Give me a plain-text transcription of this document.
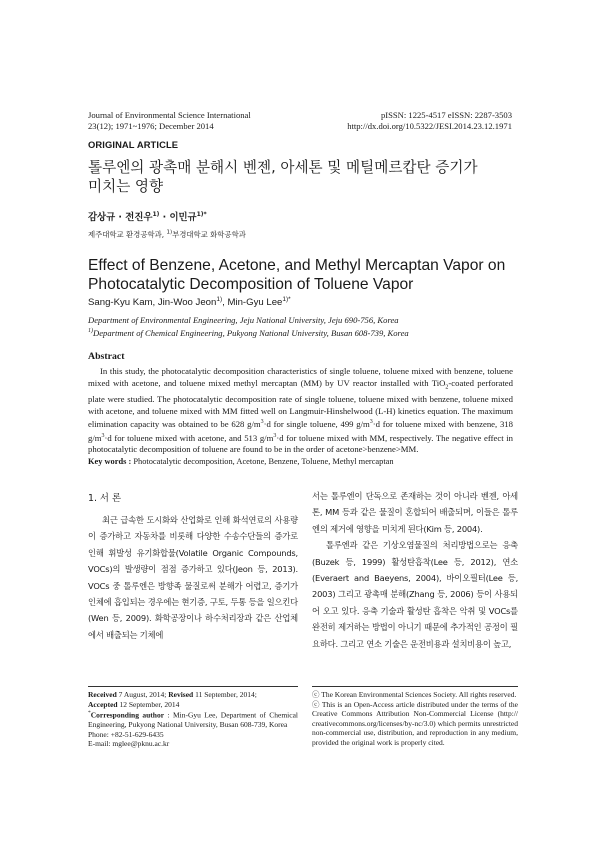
Journal of Environmental Science International
23(12); 1971~1976; December 2014
pISSN: 1225-4517 eISSN: 2287-3503
http://dx.doi.org/10.5322/JESI.2014.23.12.1971
ORIGINAL ARTICLE
톨루엔의 광촉매 분해시 벤젠, 아세톤 및 메틸메르캅탄 증기가
미치는 영향
감상규 · 전진우$^{1)}$ · 이민규$^{1)*}$
제주대학교 환경공학과, $^{1)}$부경대학교 화학공학과
Effect of Benzene, Acetone, and Methyl Mercaptan Vapor on
Photocatalytic Decomposition of Toluene Vapor
Sang-Kyu Kam, Jin-Woo Jeon$^{1)}$, Min-Gyu Lee$^{1)*}$
Department of Environmental Engineering, Jeju National University, Jeju 690-756, Korea
$^{1)}$Department of Chemical Engineering, Pukyong National University, Busan 608-739, Korea
Abstract

In this study, the photocatalytic decomposition characteristics of single toluene, toluene mixed with benzene, toluene mixed with acetone, and toluene mixed methyl mercaptan (MM) by UV reactor installed with TiO$_2$-coated perforated plate were studied. The photocatalytic decomposition rate of single toluene, toluene mixed with benzene, toluene mixed with acetone, and toluene mixed with MM fitted well on Langmuir-Hinshelwood (L-H) kinetics equation. The maximum elimination capacity was obtained to be 628 $g/m^3\cdot d$ for single toluene, 499 $g/m^3\cdot d$ for toluene mixed with benzene, 318 $g/m^3\cdot d$ for toluene mixed with acetone, and 513 $g/m^3\cdot d$ for toluene mixed with MM, respectively. The negative effect in photocatalytic decomposition of toluene are found to be in the order of acetone>benzene>MM.

Key words : Photocatalytic decomposition, Acetone, Benzene, Toluene, Methyl mercaptan
1. 서 론

최근 급속한 도시화와 산업화로 인해 화석연료의 사용량이 증가하고 자동차를 비롯해 다양한 수송수단들의 증가로 인해 휘발성 유기화합물(Volatile Organic Compounds, VOCs)의 발생량이 점점 증가하고 있다(Jeon 등, 2013). VOCs 중 톨루엔은 방향족 물질로써 분해가 어렵고, 증기가 인체에 흡입되는 경우에는 현기증, 구토, 두통 등을 일으킨다(Wen 등, 2009). 화학공장이나 하수처리장과 같은 산업체에서 배출되는 기체에

서는 톨루엔이 단독으로 존재하는 것이 아니라 벤젠, 아세톤, MM 등과 같은 물질이 혼합되어 배출되며, 이들은 톨루엔의 제거에 영향을 미치게 된다(Kim 등, 2004).

톨루엔과 같은 기상오염물질의 처리방법으로는 응축(Buzek 등, 1999) 활성탄흡착(Lee 등, 2012), 연소(Everaert and Baeyens, 2004), 바이오필터(Lee 등, 2003) 그리고 광촉매 분해(Zhang 등, 2006) 등이 사용되어 오고 있다. 응축 기술과 활성탄 흡착은 악취 및 VOCs를 완전히 제거하는 방법이 아니기 때문에 추가적인 공정이 필요하다. 그리고 연소 기술은 운전비용과 설치비용이 높고,

Received 7 August, 2014; Revised 11 September, 2014;
Accepted 12 September, 2014
*Corresponding author : Min-Gyu Lee, Department of Chemical Engineering, Pukyong National University, Busan 608-739, Korea
Phone: +82-51-629-6435
E-mail: mglee@pknu.ac.kr
ⓒ The Korean Environmental Sciences Society. All rights reserved.
ⓒ This is an Open-Access article distributed under the terms of the Creative Commons Attribution Non-Commercial License (http:// creativecommons.org/licenses/by-nc/3.0) which permits unrestricted non-commercial use, distribution, and reproduction in any medium, provided the original work is properly cited.
